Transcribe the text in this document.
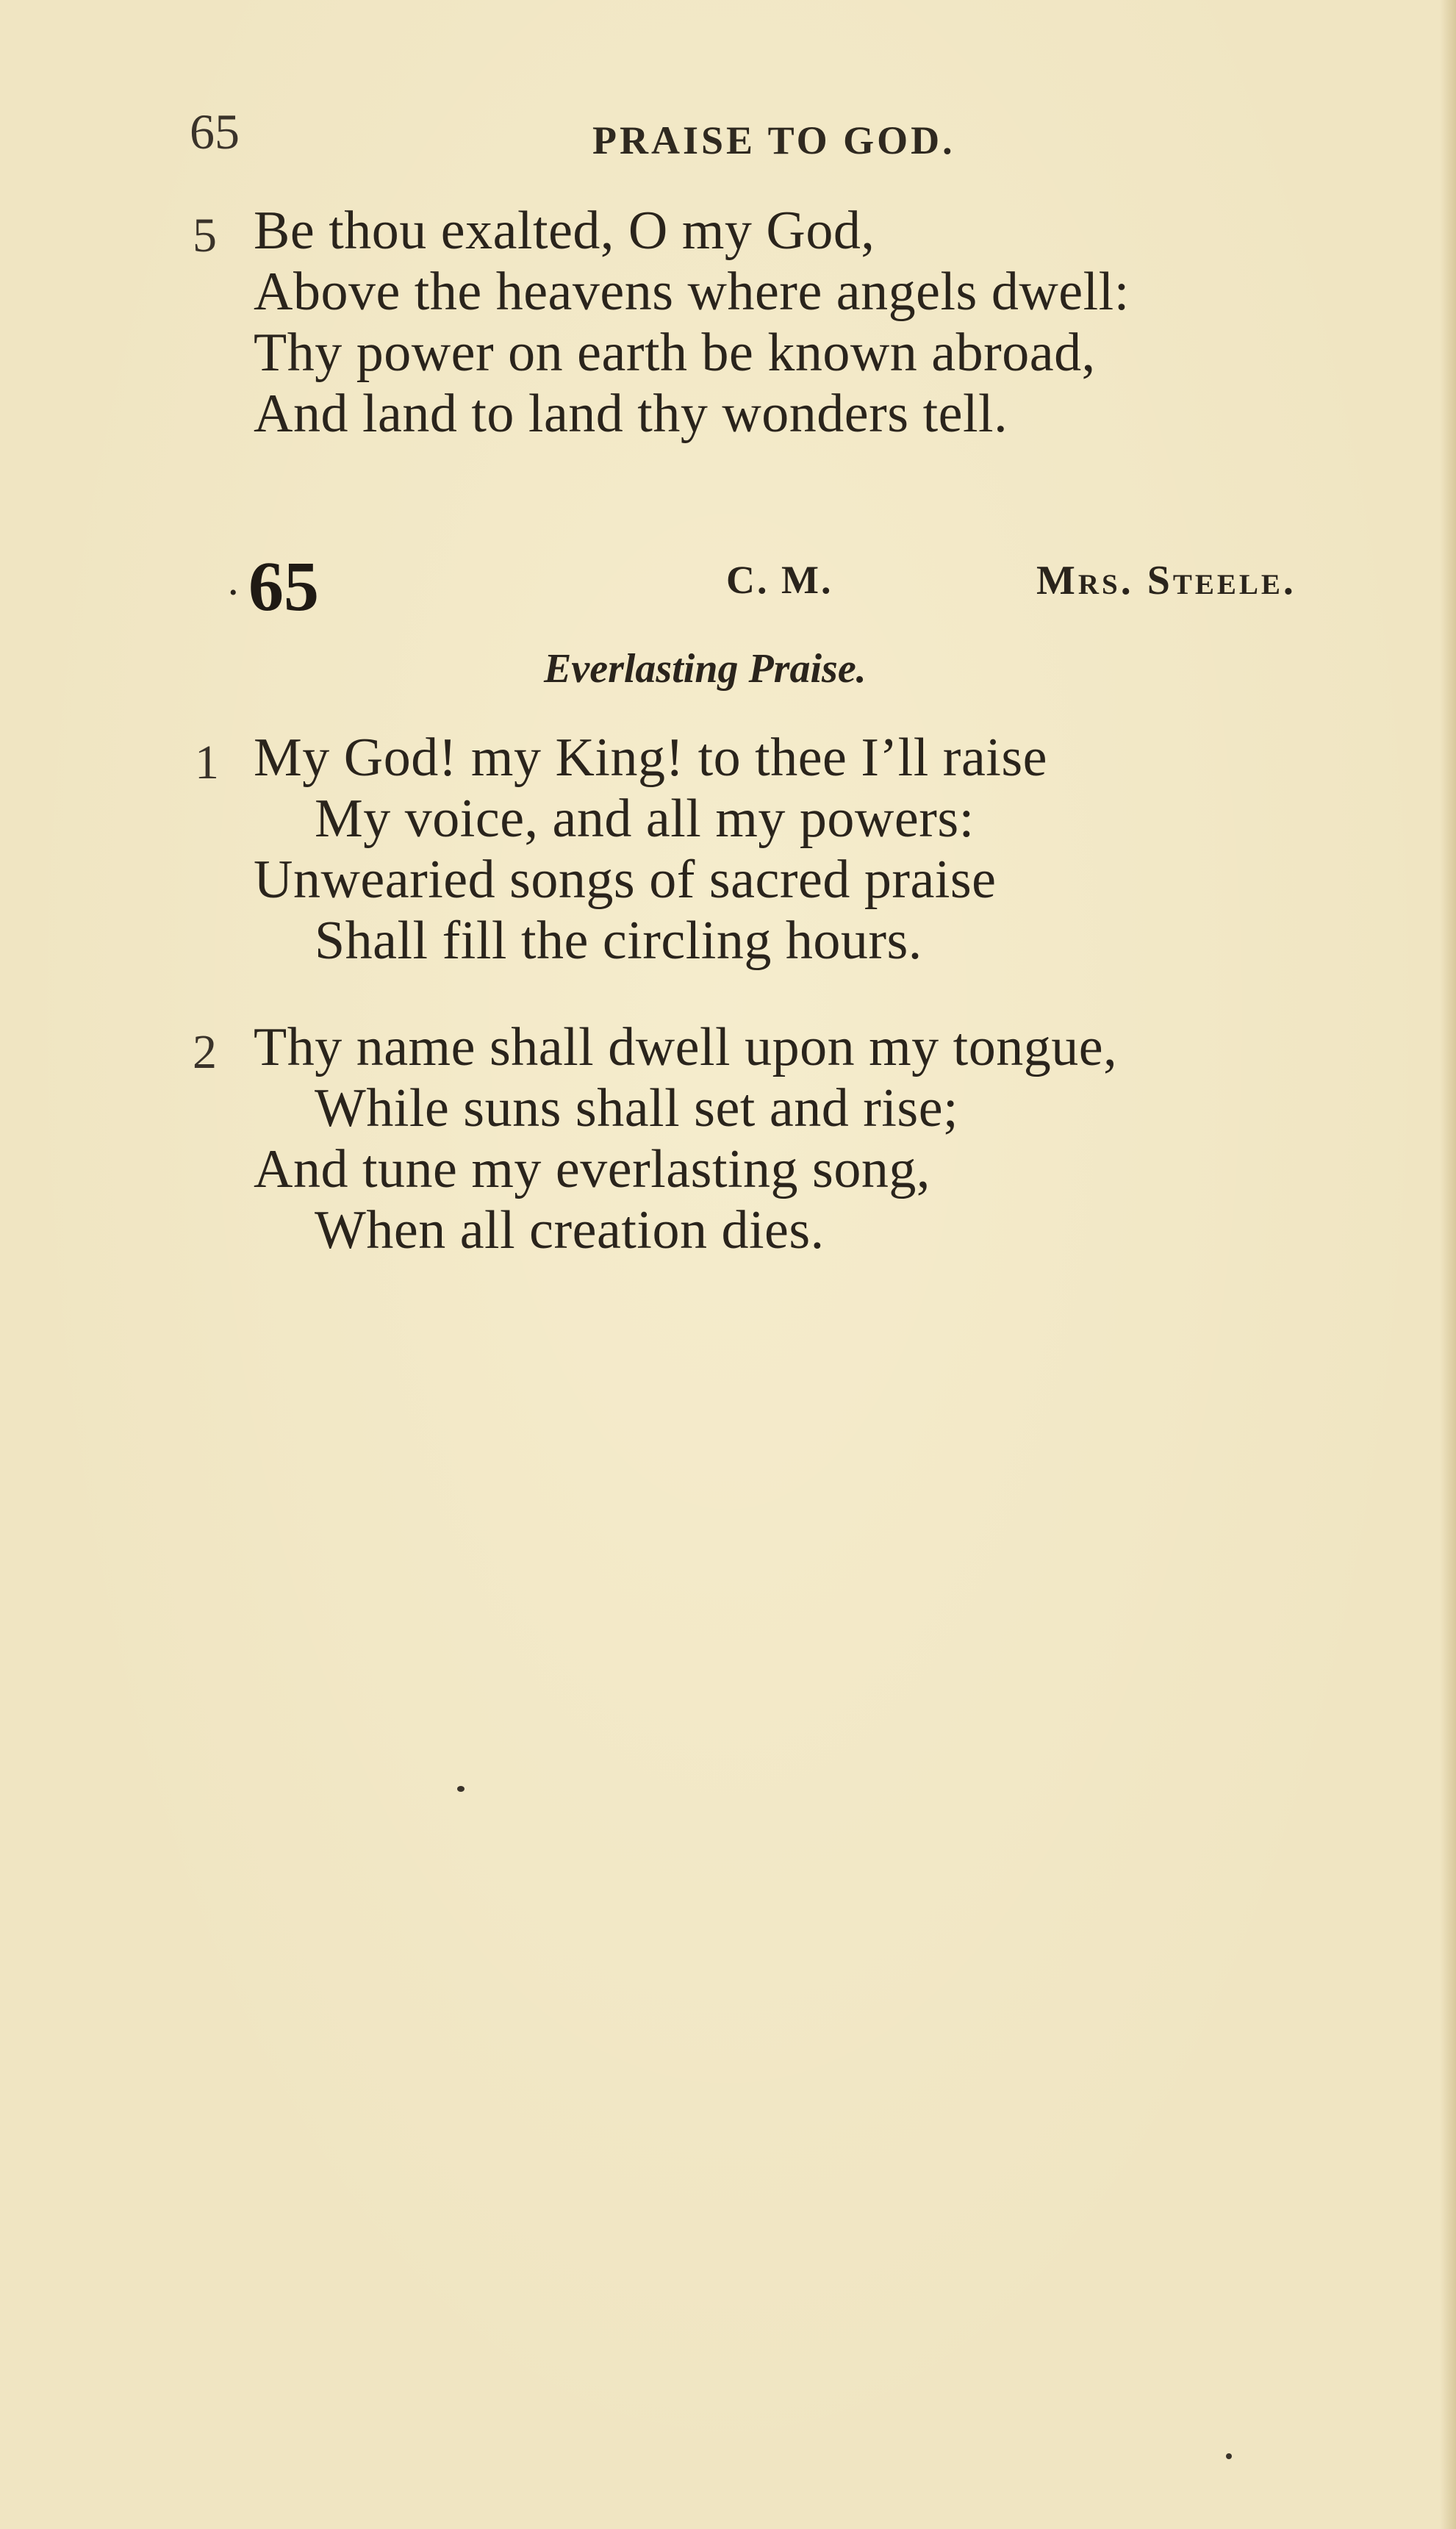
65	PRAISE TO GOD.
5 Be thou exalted, O my God,
Above the heavens where angels dwell:
Thy power on earth be known abroad,
And land to land thy wonders tell.
• 65	C. M.	Mrs. Steele.
Everlasting Praise.
1 My God! my King! to thee I’ll raise
My voice, and all my powers:
Unwearied songs of sacred praise
Shall fill the circling hours.
2 Thy name shall dwell upon my tongue,
While suns shall set and rise;
And tune my everlasting song,
When all creation dies.
